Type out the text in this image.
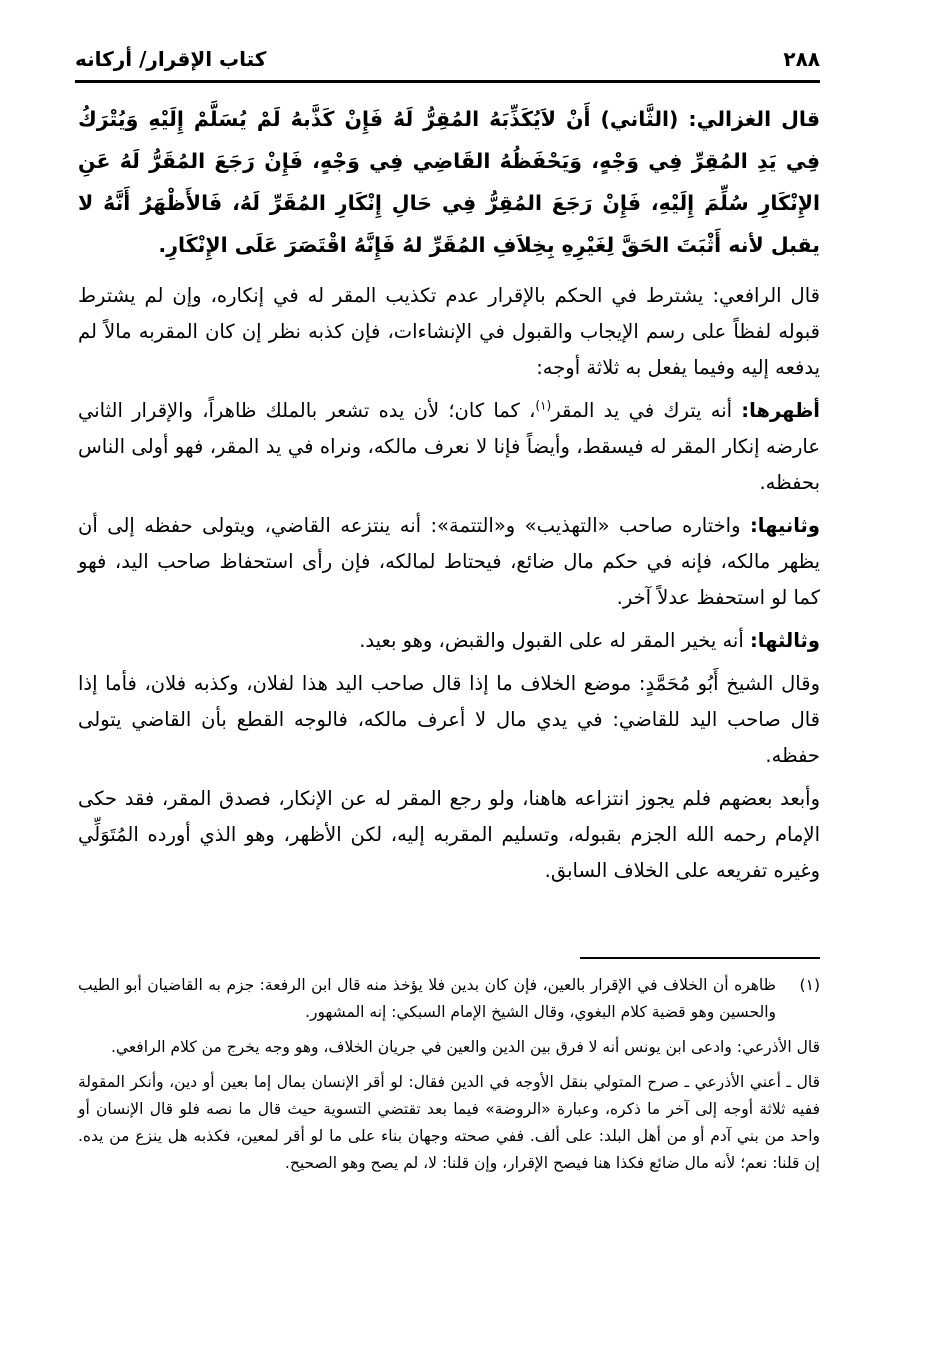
٢٨٨
كتاب الإقرار/ أركانه

قال الغزالي: (الثَّاني) أَنْ لاَيُكَذِّبَهُ المُقِرُّ لَهُ فَإِنْ كَذَّبهُ لَمْ يُسَلَّمْ إِلَيْهِ وَيُتْرَكُ فِي يَدِ المُقِرِّ فِي وَجْهٍ، وَيَحْفَظُهُ القَاضِي فِي وَجْهٍ، فَإِنْ رَجَعَ المُقَرُّ لَهُ عَنِ الإِنْكَارِ سُلِّمَ إِلَيْهِ، فَإِنْ رَجَعَ المُقِرُّ فِي حَالِ إِنْكَارِ المُقَرِّ لَهُ، فَالأَظْهَرُ أَنَّهُ لا يقبل لأنه أَثْبَتَ الحَقَّ لِغَيْرِهِ بِخِلاَفِ المُقَرِّ لهُ فَإِنَّهُ اقْتَصَرَ عَلَى الإِنْكَارِ.

قال الرافعي: يشترط في الحكم بالإقرار عدم تكذيب المقر له في إنكاره، وإن لم يشترط قبوله لفظاً على رسم الإيجاب والقبول في الإنشاءات، فإن كذبه نظر إن كان المقربه مالاً لم يدفعه إليه وفيما يفعل به ثلاثة أوجه:

أظهرها: أنه يترك في يد المقر$^{(١)}$، كما كان؛ لأن يده تشعر بالملك ظاهراً، والإقرار الثاني عارضه إنكار المقر له فيسقط، وأيضاً فإنا لا نعرف مالكه، ونراه في يد المقر، فهو أولى الناس بحفظه.

وثانيها: واختاره صاحب «التهذيب» و«التتمة»: أنه ينتزعه القاضي، ويتولى حفظه إلى أن يظهر مالكه، فإنه في حكم مال ضائع، فيحتاط لمالكه، فإن رأى استحفاظ صاحب اليد، فهو كما لو استحفظ عدلاً آخر.

وثالثها: أنه يخير المقر له على القبول والقبض، وهو بعيد.

وقال الشيخ أَبُو مُحَمَّدٍ: موضع الخلاف ما إذا قال صاحب اليد هذا لفلان، وكذبه فلان، فأما إذا قال صاحب اليد للقاضي: في يدي مال لا أعرف مالكه، فالوجه القطع بأن القاضي يتولى حفظه.

وأبعد بعضهم فلم يجوز انتزاعه هاهنا، ولو رجع المقر له عن الإنكار، فصدق المقر، فقد حكى الإمام رحمه الله الجزم بقبوله، وتسليم المقربه إليه، لكن الأظهر، وهو الذي أورده المُتَوَلِّي وغيره تفريعه على الخلاف السابق.

(١)
ظاهره أن الخلاف في الإقرار بالعين، فإن كان بدين فلا يؤخذ منه قال ابن الرفعة: جزم به القاضيان أبو الطيب والحسين وهو قضية كلام البغوي، وقال الشيخ الإمام السبكي: إنه المشهور.

قال الأذرعي: وادعى ابن يونس أنه لا فرق بين الدين والعين في جريان الخلاف، وهو وجه يخرج من كلام الرافعي.

قال ـ أعني الأذرعي ـ صرح المتولي بنقل الأوجه في الدين فقال: لو أقر الإنسان بمال إما بعين أو دين، وأنكر المقولة ففيه ثلاثة أوجه إلى آخر ما ذكره، وعبارة «الروضة» فيما بعد تقتضي التسوية حيث قال ما نصه فلو قال الإنسان أو واحد من بني آدم أو من أهل البلد: على ألف. ففي صحته وجهان بناء على ما لو أقر لمعين، فكذبه هل ينزع من يده. إن قلنا: نعم؛ لأنه مال ضائع فكذا هنا فيصح الإقرار، وإن قلنا: لا، لم يصح وهو الصحيح.
